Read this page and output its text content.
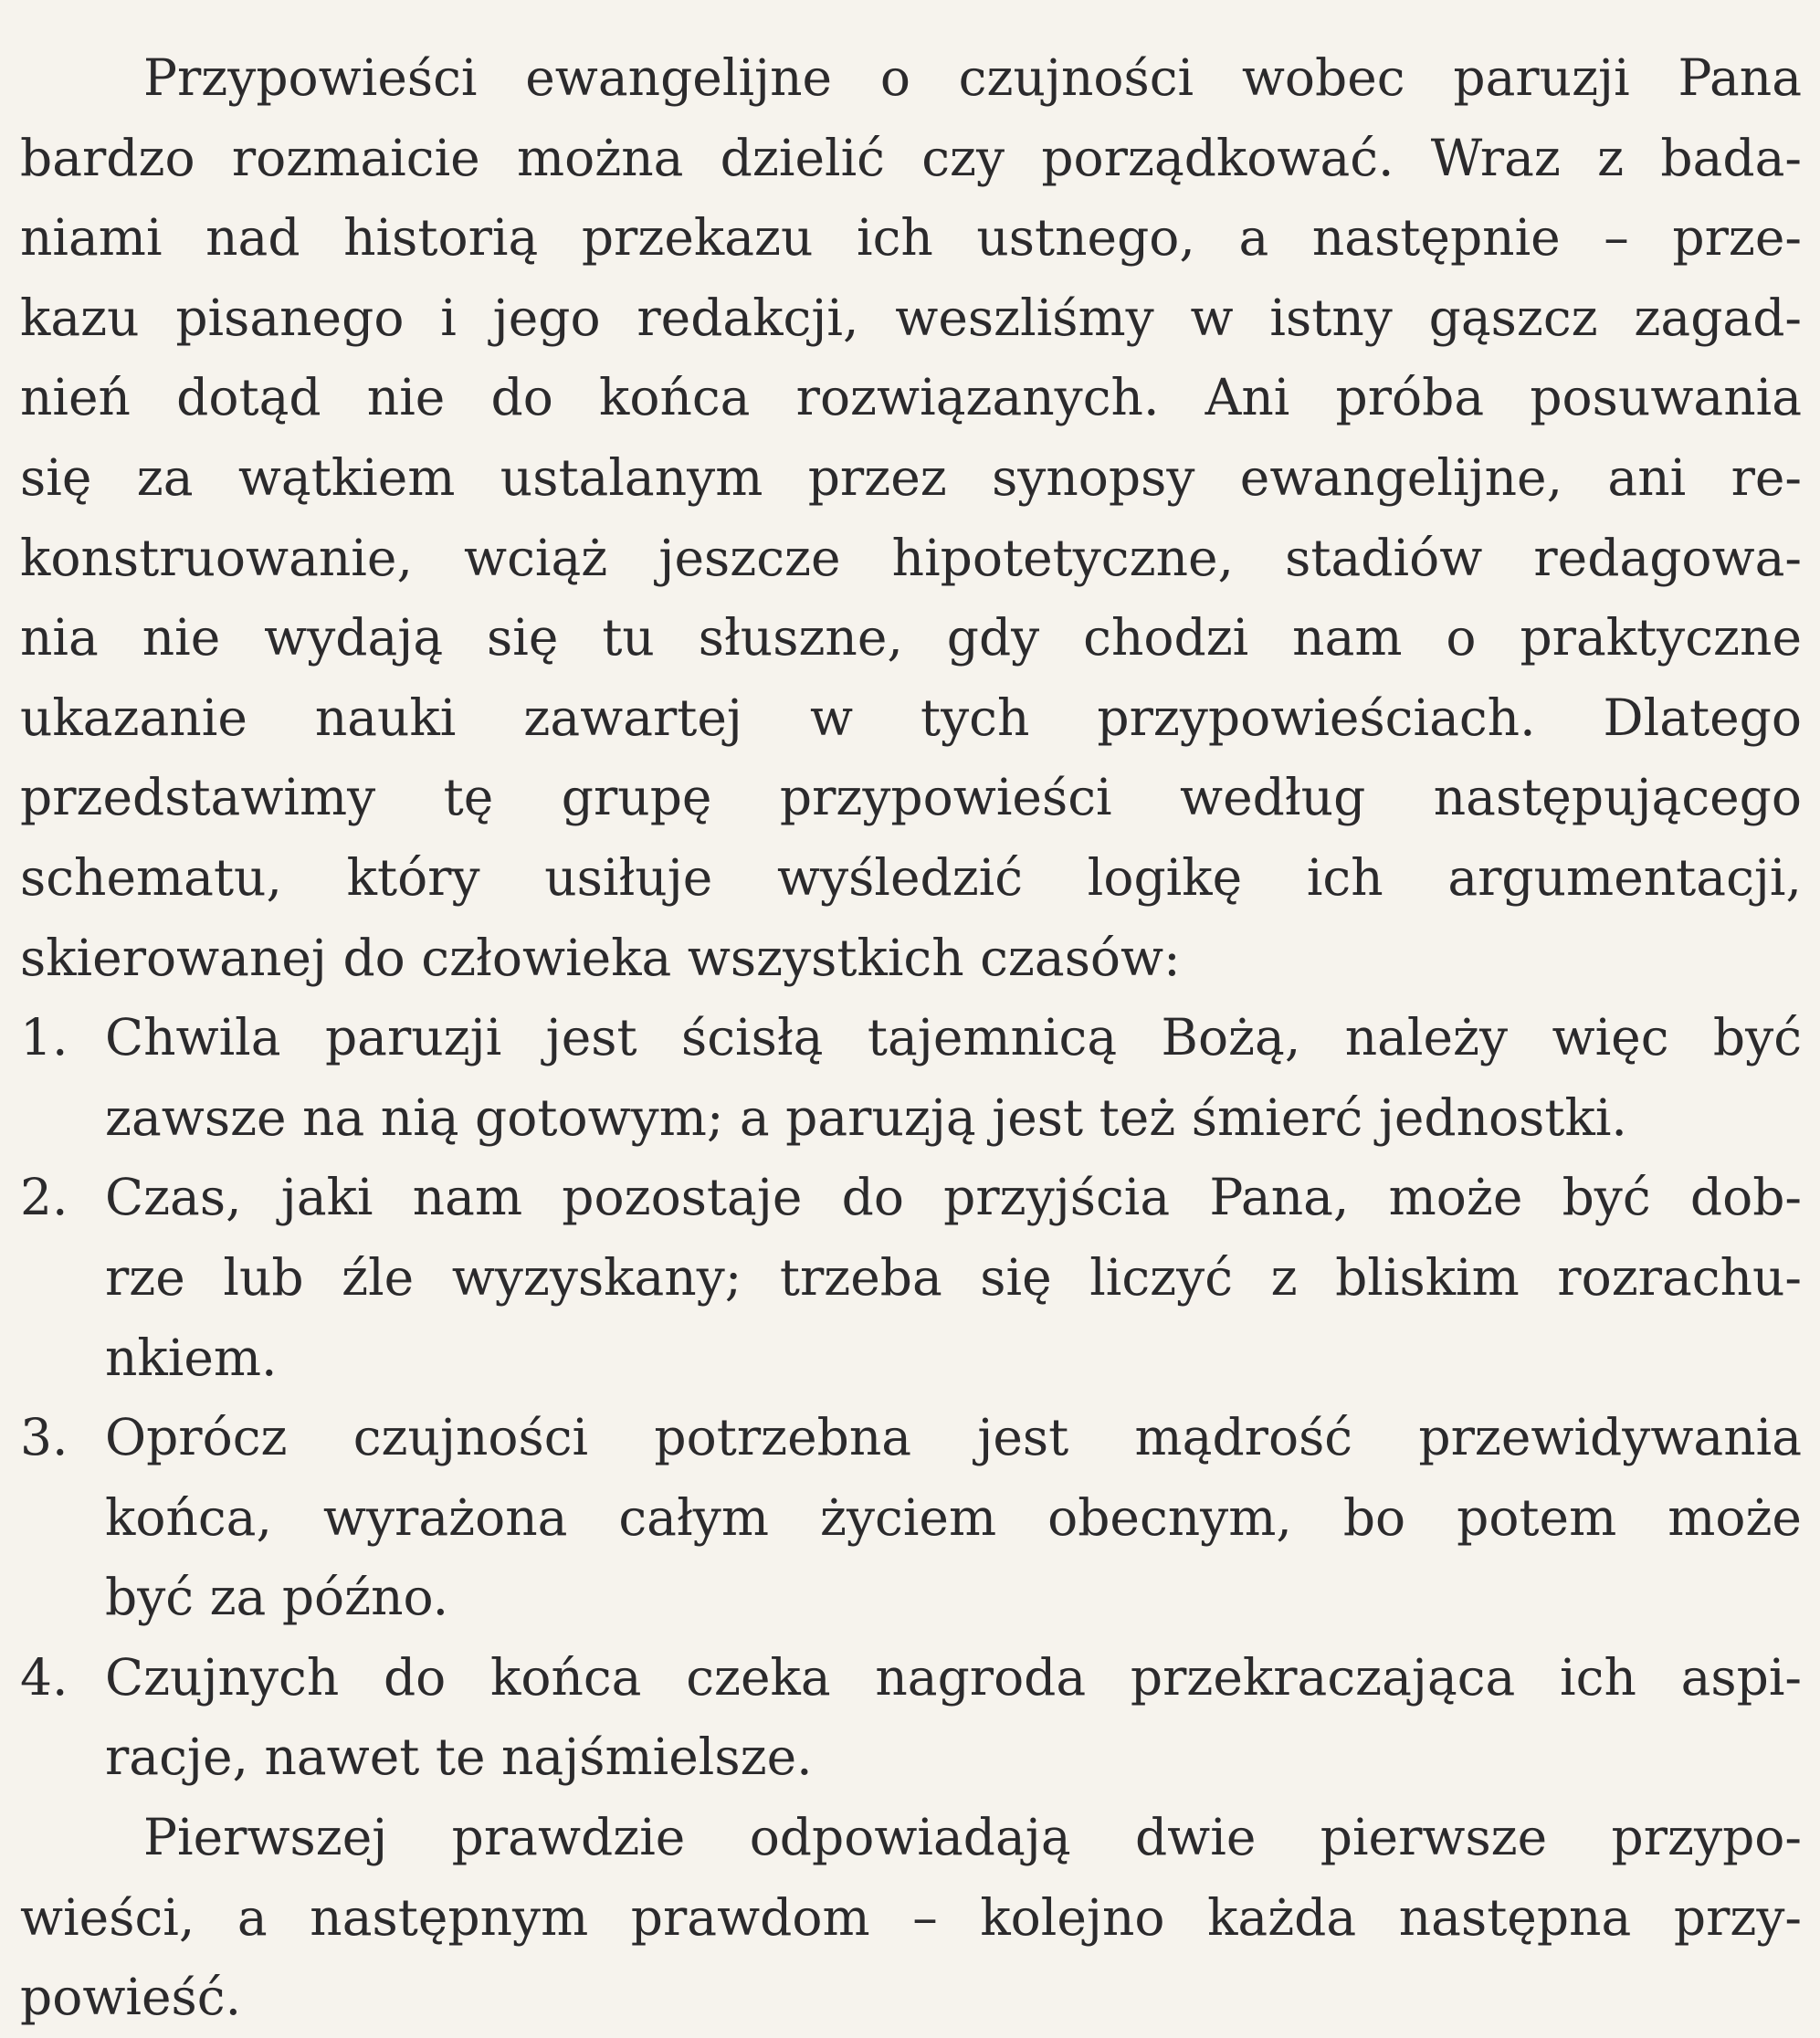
Przypowieści ewangelijne o czujności wobec paruzji Pana
bardzo rozmaicie można dzielić czy porządkować. Wraz z bada-
niami nad historią przekazu ich ustnego, a następnie – prze-
kazu pisanego i jego redakcji, weszliśmy w istny gąszcz zagad-
nień dotąd nie do końca rozwiązanych. Ani próba posuwania
się za wątkiem ustalanym przez synopsy ewangelijne, ani re-
konstruowanie, wciąż jeszcze hipotetyczne, stadiów redagowa-
nia nie wydają się tu słuszne, gdy chodzi nam o praktyczne
ukazanie nauki zawartej w tych przypowieściach. Dlatego
przedstawimy tę grupę przypowieści według następującego
schematu, który usiłuje wyśledzić logikę ich argumentacji,
skierowanej do człowieka wszystkich czasów:
1. Chwila paruzji jest ścisłą tajemnicą Bożą, należy więc być
zawsze na nią gotowym; a paruzją jest też śmierć jednostki.
2. Czas, jaki nam pozostaje do przyjścia Pana, może być dob-
rze lub źle wyzyskany; trzeba się liczyć z bliskim rozrachu-
nkiem.
3. Oprócz czujności potrzebna jest mądrość przewidywania
końca, wyrażona całym życiem obecnym, bo potem może
być za późno.
4. Czujnych do końca czeka nagroda przekraczająca ich aspi-
racje, nawet te najśmielsze.
Pierwszej prawdzie odpowiadają dwie pierwsze przypo-
wieści, a następnym prawdom – kolejno każda następna przy-
powieść.
